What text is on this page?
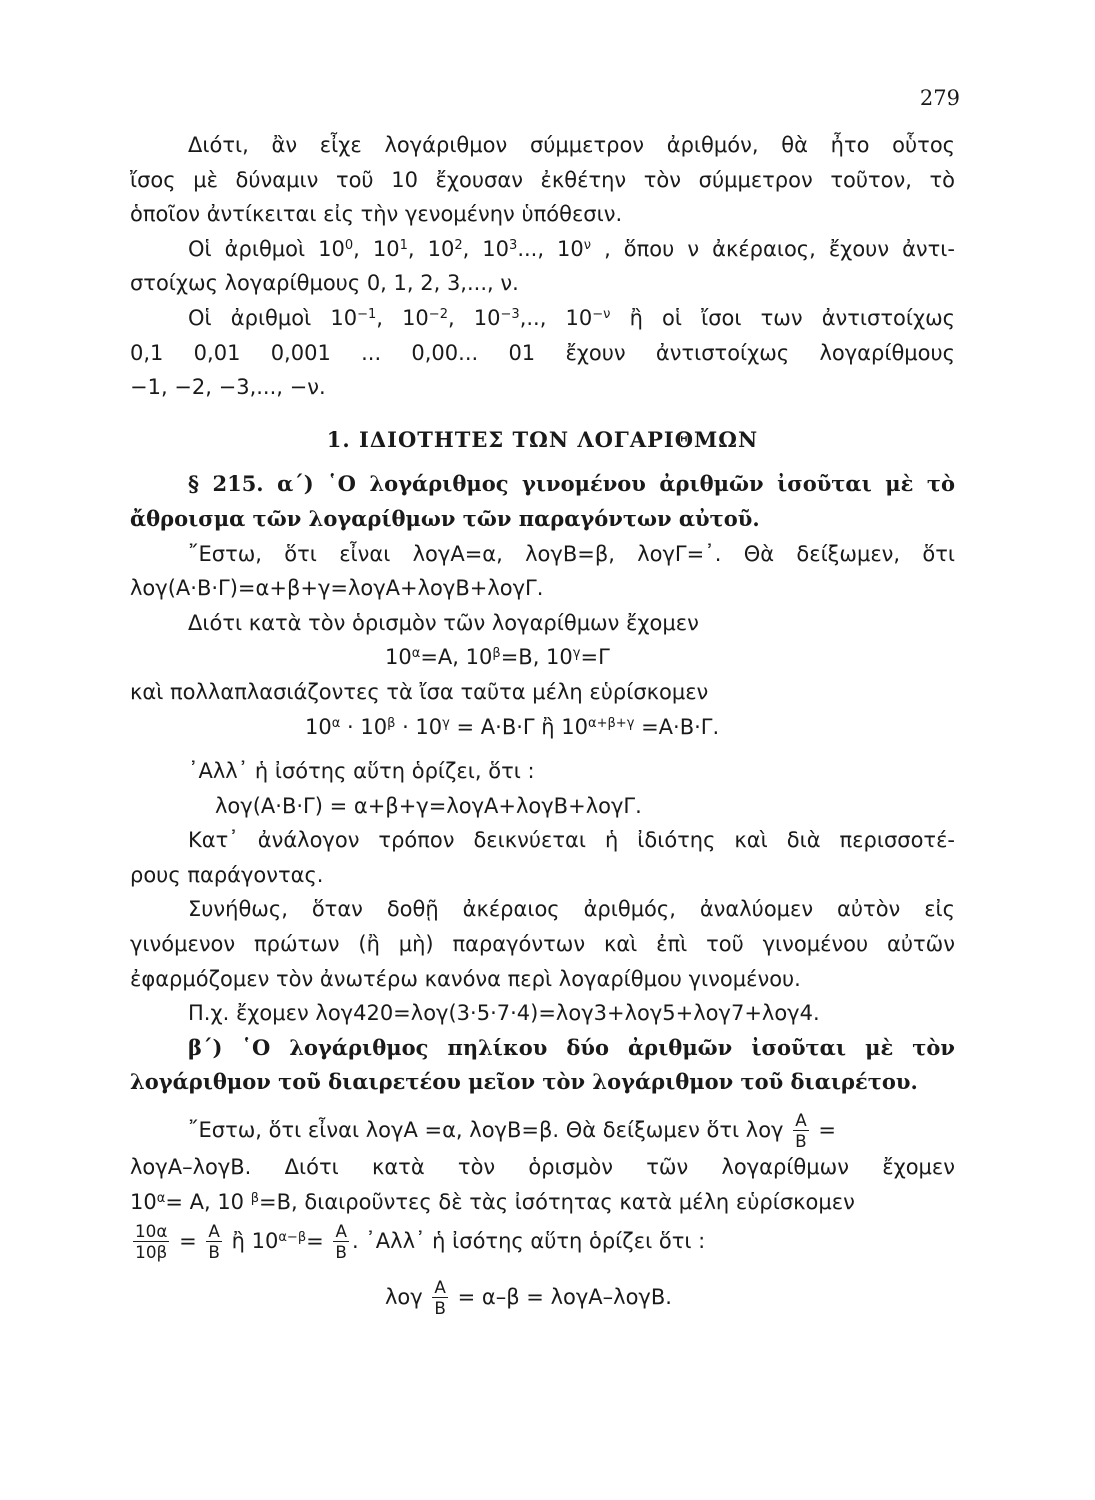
279
Διότι, ἂν εἶχε λογάριθμον σύμμετρον ἀριθμόν, θὰ ἦτο οὗτος
ἴσος μὲ δύναμιν τοῦ 10 ἔχουσαν ἐκθέτην τὸν σύμμετρον τοῦτον, τὸ
ὁποῖον ἀντίκειται εἰς τὴν γενομένην ὑπόθεσιν.
Οἱ ἀριθμοὶ $10^0$, $10^1$, $10^2$, $10^3$..., $10^\nu$ , ὅπου ν ἀκέραιος, ἔχουν ἀντι-
στοίχως λογαρίθμους 0, 1, 2, 3,..., ν.
Οἱ ἀριθμοὶ $10^{-1}$, $10^{-2}$, $10^{-3}$,.., $10^{-\nu}$ ἢ οἱ ἴσοι των ἀντιστοίχως
0,1 0,01 0,001 ... 0,00... 01 ἔχουν ἀντιστοίχως λογαρίθμους
−1, −2, −3,..., −ν.
1. ΙΔΙΟΤΗΤΕΣ ΤΩΝ ΛΟΓΑΡΙΘΜΩΝ
§ 215. α΄) ῾Ο λογάριθμος γινομένου ἀριθμῶν ἰσοῦται μὲ τὸ
ἄθροισμα τῶν λογαρίθμων τῶν παραγόντων αὐτοῦ.
῎Εστω, ὅτι εἶναι λογΑ=α, λογΒ=β, λογΓ=᾽. Θὰ δείξωμεν, ὅτι
λογ(Α·Β·Γ)=α+β+γ=λογΑ+λογΒ+λογΓ.
Διότι κατὰ τὸν ὁρισμὸν τῶν λογαρίθμων ἔχομεν
$10^\alpha=A$, $10^\beta=B$, $10^\gamma=\Gamma$
καὶ πολλαπλασιάζοντες τὰ ἴσα ταῦτα μέλη εὑρίσκομεν
$10^\alpha \cdot 10^\beta \cdot 10^\gamma = A\cdot B\cdot\Gamma$ ἢ $10^{\alpha+\beta+\gamma} =A\cdot B\cdot\Gamma$.
᾿Αλλ᾽ ἡ ἰσότης αὕτη ὁρίζει, ὅτι :
λογ(Α·Β·Γ) = α+β+γ=λογΑ+λογΒ+λογΓ.
Κατ᾽ ἀνάλογον τρόπον δεικνύεται ἡ ἰδιότης καὶ διὰ περισσοτέ-
ρους παράγοντας.
Συνήθως, ὅταν δοθῇ ἀκέραιος ἀριθμός, ἀναλύομεν αὐτὸν εἰς
γινόμενον πρώτων (ἢ μὴ) παραγόντων καὶ ἐπὶ τοῦ γινομένου αὐτῶν
ἐφαρμόζομεν τὸν ἀνωτέρω κανόνα περὶ λογαρίθμου γινομένου.
Π.χ. ἔχομεν λογ420=λογ(3·5·7·4)=λογ3+λογ5+λογ7+λογ4.
β΄) ῾Ο λογάριθμος πηλίκου δύο ἀριθμῶν ἰσοῦται μὲ τὸν
λογάριθμον τοῦ διαιρετέου μεῖον τὸν λογάριθμον τοῦ διαιρέτου.
῎Εστω, ὅτι εἶναι λογΑ =α, λογΒ=β. Θὰ δείξωμεν ὅτι λογ $\frac{A}{B}$ =
λογΑ–λογΒ. Διότι κατὰ τὸν ὁρισμὸν τῶν λογαρίθμων ἔχομεν
$10^\alpha= A$, 10 $^\beta$=Β, διαιροῦντες δὲ τὰς ἰσότητας κατὰ μέλη εὑρίσκομεν
$\frac{10\alpha}{10\beta} = \frac{A}{B}$ ἢ $10^{\alpha-\beta}= \frac{A}{B}$ . ᾿Αλλ᾽ ἡ ἰσότης αὕτη ὁρίζει ὅτι :
λογ $\frac{A}{B} = \alpha-\beta = \lambda o\gamma A-\lambda o\gamma B$.
